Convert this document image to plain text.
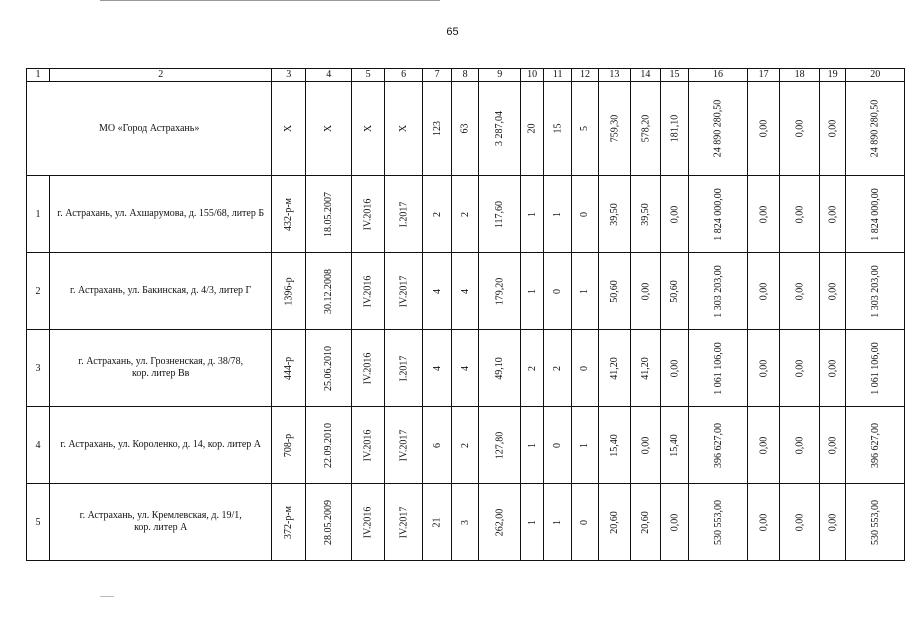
65
1	2	3	4	5	6	7	8	9	10	11	12	13	14	15	16	17	18	19	20
МО «Город Астрахань»		X	X	X	X	123	63	3 287,04	20	15	5	759,30	578,20	181,10	24 890 280,50	0,00	0,00	0,00	24 890 280,50
1	г. Астрахань, ул. Ахшарумова, д. 155/68, литер Б	432-р-м	18.05.2007	IV.2016	I.2017	2	2	117,60	1	1	0	39,50	39,50	0,00	1 824 000,00	0,00	0,00	0,00	1 824 000,00
2	г. Астрахань, ул. Бакинская, д. 4/3, литер Г	1396-р	30.12.2008	IV.2016	IV.2017	4	4	179,20	1	0	1	50,60	0,00	50,60	1 303 203,00	0,00	0,00	0,00	1 303 203,00
3	г. Астрахань, ул. Грозненская, д. 38/78,
кор. литер Вв	444-р	25.06.2010	IV.2016	I.2017	4	4	49,10	2	2	0	41,20	41,20	0,00	1 061 106,00	0,00	0,00	0,00	1 061 106,00
4	г. Астрахань, ул. Короленко, д. 14, кор. литер А	708-р	22.09.2010	IV.2016	IV.2017	6	2	127,80	1	0	1	15,40	0,00	15,40	396 627,00	0,00	0,00	0,00	396 627,00
5	г. Астрахань, ул. Кремлевская, д. 19/1,
кор. литер А	372-р-м	28.05.2009	IV.2016	IV.2017	21	3	262,00	1	1	0	20,60	20,60	0,00	530 553,00	0,00	0,00	0,00	530 553,00
